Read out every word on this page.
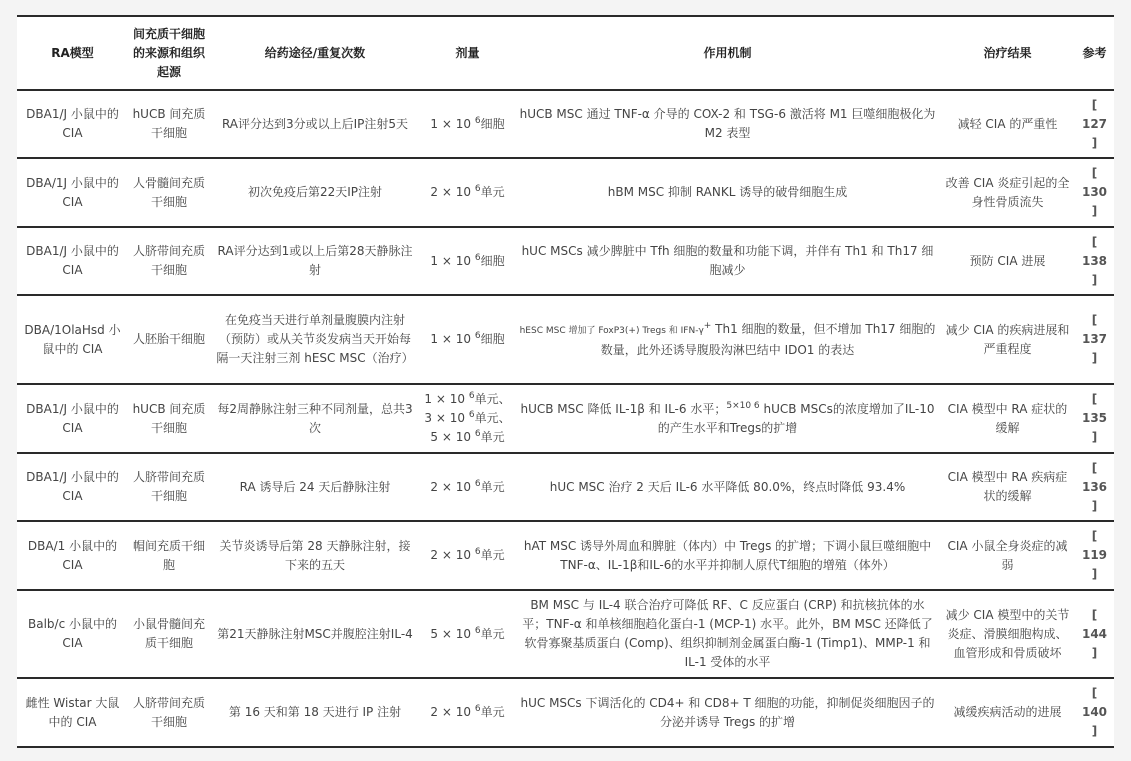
RA模型	间充质干细胞的来源和组织起源	给药途径/重复次数	剂量	作用机制	治疗结果	参考
DBA1/J 小鼠中的 CIA	hUCB 间充质干细胞	RA评分达到3分或以上后IP注射5天	1 × 10 $^6$细胞	hUCB MSC 通过 TNF-α 介导的 COX-2 和 TSG-6 激活将 M1 巨噬细胞极化为 M2 表型	减轻 CIA 的严重性	[
127
]
DBA/1J 小鼠中的 CIA	人骨髓间充质干细胞	初次免疫后第22天IP注射	2 × 10 $^6$单元	hBM MSC 抑制 RANKL 诱导的破骨细胞生成	改善 CIA 炎症引起的全身性骨质流失	[
130
]
DBA1/J 小鼠中的 CIA	人脐带间充质干细胞	RA评分达到1或以上后第28天静脉注射	1 × 10 $^6$细胞	hUC MSCs 减少脾脏中 Tfh 细胞的数量和功能下调，并伴有 Th1 和 Th17 细胞减少	预防 CIA 进展	[
138
]
DBA/1OlaHsd 小鼠中的 CIA	人胚胎干细胞	在免疫当天进行单剂量腹膜内注射（预防）或从关节炎发病当天开始每隔一天注射三剂 hESC MSC（治疗）	1 × 10 $^6$细胞	hESC MSC 增加了 FoxP3(+) Tregs 和 IFN-γ+ Th1 细胞的数量，但不增加 Th17 细胞的数量，此外还诱导腹股沟淋巴结中 IDO1 的表达	减少 CIA 的疾病进展和严重程度	[
137
]
DBA1/J 小鼠中的 CIA	hUCB 间充质干细胞	每2周静脉注射三种不同剂量，总共3次	1 × 10 $^6$单元、
3 × 10 $^6$单元、
5 × 10 $^6$单元	hUCB MSC 降低 IL-1β 和 IL-6 水平；$^{5\times 10 6}$ hUCB MSCs的浓度增加了IL-10的产生水平和Tregs的扩增	CIA 模型中 RA 症状的缓解	[
135
]
DBA1/J 小鼠中的 CIA	人脐带间充质干细胞	RA 诱导后 24 天后静脉注射	2 × 10 $^6$单元	hUC MSC 治疗 2 天后 IL-6 水平降低 80.0%，终点时降低 93.4%	CIA 模型中 RA 疾病症状的缓解	[
136
]
DBA/1 小鼠中的 CIA	帽间充质干细胞	关节炎诱导后第 28 天静脉注射，接下来的五天	2 × 10 $^6$单元	hAT MSC 诱导外周血和脾脏（体内）中 Tregs 的扩增；下调小鼠巨噬细胞中 TNF-α、IL-1β和IL-6的水平并抑制人原代T细胞的增殖（体外）	CIA 小鼠全身炎症的减弱	[
119
]
Balb/c 小鼠中的 CIA	小鼠骨髓间充质干细胞	第21天静脉注射MSC并腹腔注射IL-4	5 × 10 $^6$单元	BM MSC 与 IL-4 联合治疗可降低 RF、C 反应蛋白 (CRP) 和抗核抗体的水平；TNF-α 和单核细胞趋化蛋白-1 (MCP-1) 水平。此外，BM MSC 还降低了软骨寡聚基质蛋白 (Comp)、组织抑制剂金属蛋白酶-1 (Timp1)、MMP-1 和 IL-1 受体的水平	减少 CIA 模型中的关节炎症、滑膜细胞构成、血管形成和骨质破坏	[
144
]
雌性 Wistar 大鼠中的 CIA	人脐带间充质干细胞	第 16 天和第 18 天进行 IP 注射	2 × 10 $^6$单元	hUC MSCs 下调活化的 CD4+ 和 CD8+ T 细胞的功能，抑制促炎细胞因子的分泌并诱导 Tregs 的扩增	减缓疾病活动的进展	[
140
]
